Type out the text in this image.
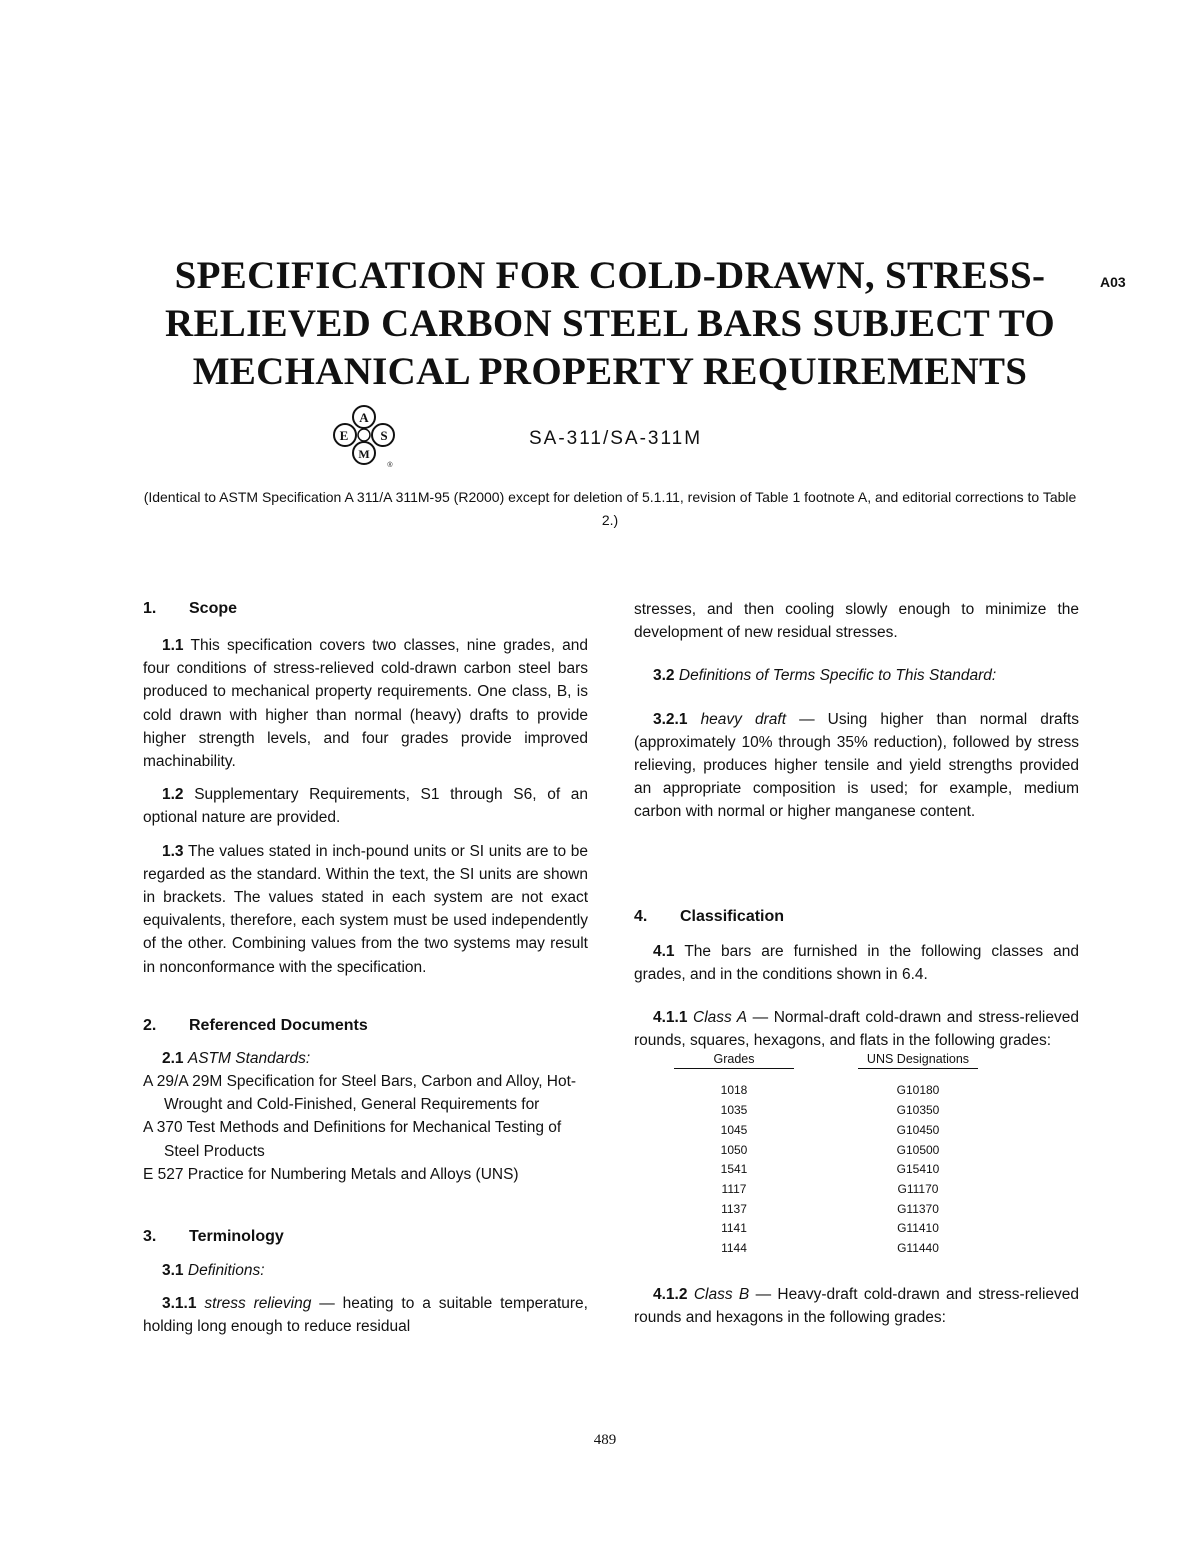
SPECIFICATION FOR COLD-DRAWN, STRESS-
RELIEVED CARBON STEEL BARS SUBJECT TO
MECHANICAL PROPERTY REQUIREMENTS
A03
A
S
M
E
®
SA-311/SA-311M
(Identical to ASTM Specification A 311/A 311M-95 (R2000) except for deletion of 5.1.11, revision of Table 1 footnote A, and editorial corrections to Table 2.)
1. Scope

1.1 This specification covers two classes, nine grades, and four conditions of stress-relieved cold-drawn carbon steel bars produced to mechanical property requirements. One class, B, is cold drawn with higher than normal (heavy) drafts to provide higher strength levels, and four grades provide improved machinability.

1.2 Supplementary Requirements, S1 through S6, of an optional nature are provided.

1.3 The values stated in inch-pound units or SI units are to be regarded as the standard. Within the text, the SI units are shown in brackets. The values stated in each system are not exact equivalents, therefore, each system must be used independently of the other. Combining values from the two systems may result in nonconformance with the specification.

2. Referenced Documents

2.1 ASTM Standards:

A 29/A 29M Specification for Steel Bars, Carbon and Alloy, Hot-Wrought and Cold-Finished, General Requirements for

A 370 Test Methods and Definitions for Mechanical Testing of Steel Products

E 527 Practice for Numbering Metals and Alloys (UNS)

3. Terminology

3.1 Definitions:

3.1.1 stress relieving — heating to a suitable temperature, holding long enough to reduce residual

stresses, and then cooling slowly enough to minimize the development of new residual stresses.

3.2 Definitions of Terms Specific to This Standard:

3.2.1 heavy draft — Using higher than normal drafts (approximately 10% through 35% reduction), followed by stress relieving, produces higher tensile and yield strengths provided an appropriate composition is used; for example, medium carbon with normal or higher manganese content.

4. Classification

4.1 The bars are furnished in the following classes and grades, and in the conditions shown in 6.4.

4.1.1 Class A — Normal-draft cold-drawn and stress-relieved rounds, squares, hexagons, and flats in the following grades:

Grades		UNS Designations

1018		G10180
1035		G10350
1045		G10450
1050		G10500
1541		G15410
1117		G11170
1137		G11370
1141		G11410
1144		G11440

4.1.2 Class B — Heavy-draft cold-drawn and stress-relieved rounds and hexagons in the following grades:

489
